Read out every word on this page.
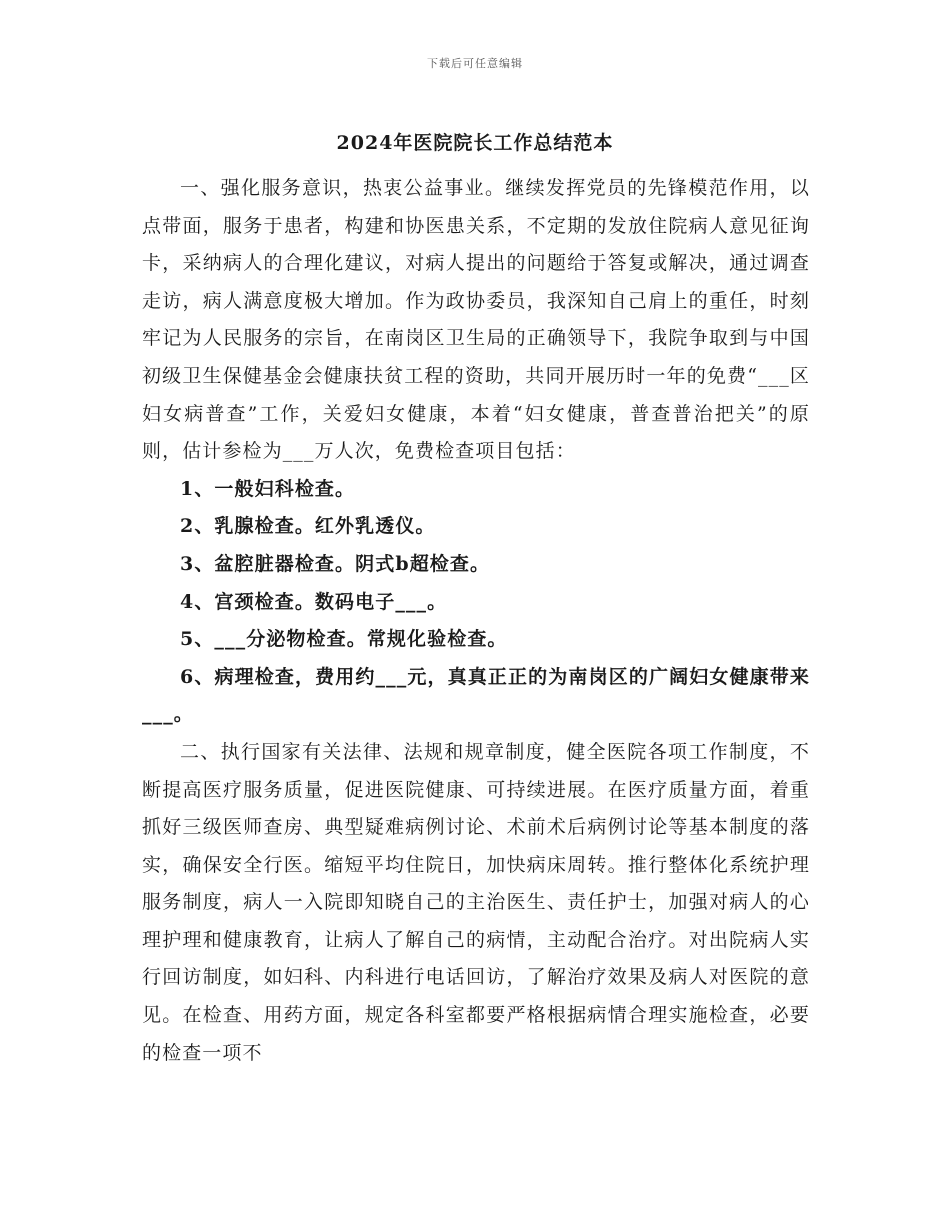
下载后可任意编辑
2024年医院院长工作总结范本

一、强化服务意识，热衷公益事业。继续发挥党员的先锋模范作用，以点带面，服务于患者，构建和协医患关系，不定期的发放住院病人意见征询卡，采纳病人的合理化建议，对病人提出的问题给于答复或解决，通过调查走访，病人满意度极大增加。作为政协委员，我深知自己肩上的重任，时刻牢记为人民服务的宗旨，在南岗区卫生局的正确领导下，我院争取到与中国初级卫生保健基金会健康扶贫工程的资助，共同开展历时一年的免费“___区妇女病普查”工作，关爱妇女健康，本着“妇女健康，普查普治把关”的原则，估计参检为___万人次，免费检查项目包括：

1、一般妇科检查。

2、乳腺检查。红外乳透仪。

3、盆腔脏器检查。阴式b超检查。

4、宫颈检查。数码电子___。

5、___分泌物检查。常规化验检查。

6、病理检查，费用约___元，真真正正的为南岗区的广阔妇女健康带来___。

二、执行国家有关法律、法规和规章制度，健全医院各项工作制度，不断提高医疗服务质量，促进医院健康、可持续进展。在医疗质量方面，着重抓好三级医师查房、典型疑难病例讨论、术前术后病例讨论等基本制度的落实，确保安全行医。缩短平均住院日，加快病床周转。推行整体化系统护理服务制度，病人一入院即知晓自己的主治医生、责任护士，加强对病人的心理护理和健康教育，让病人了解自己的病情，主动配合治疗。对出院病人实行回访制度，如妇科、内科进行电话回访，了解治疗效果及病人对医院的意见。在检查、用药方面，规定各科室都要严格根据病情合理实施检查，必要的检查一项不
